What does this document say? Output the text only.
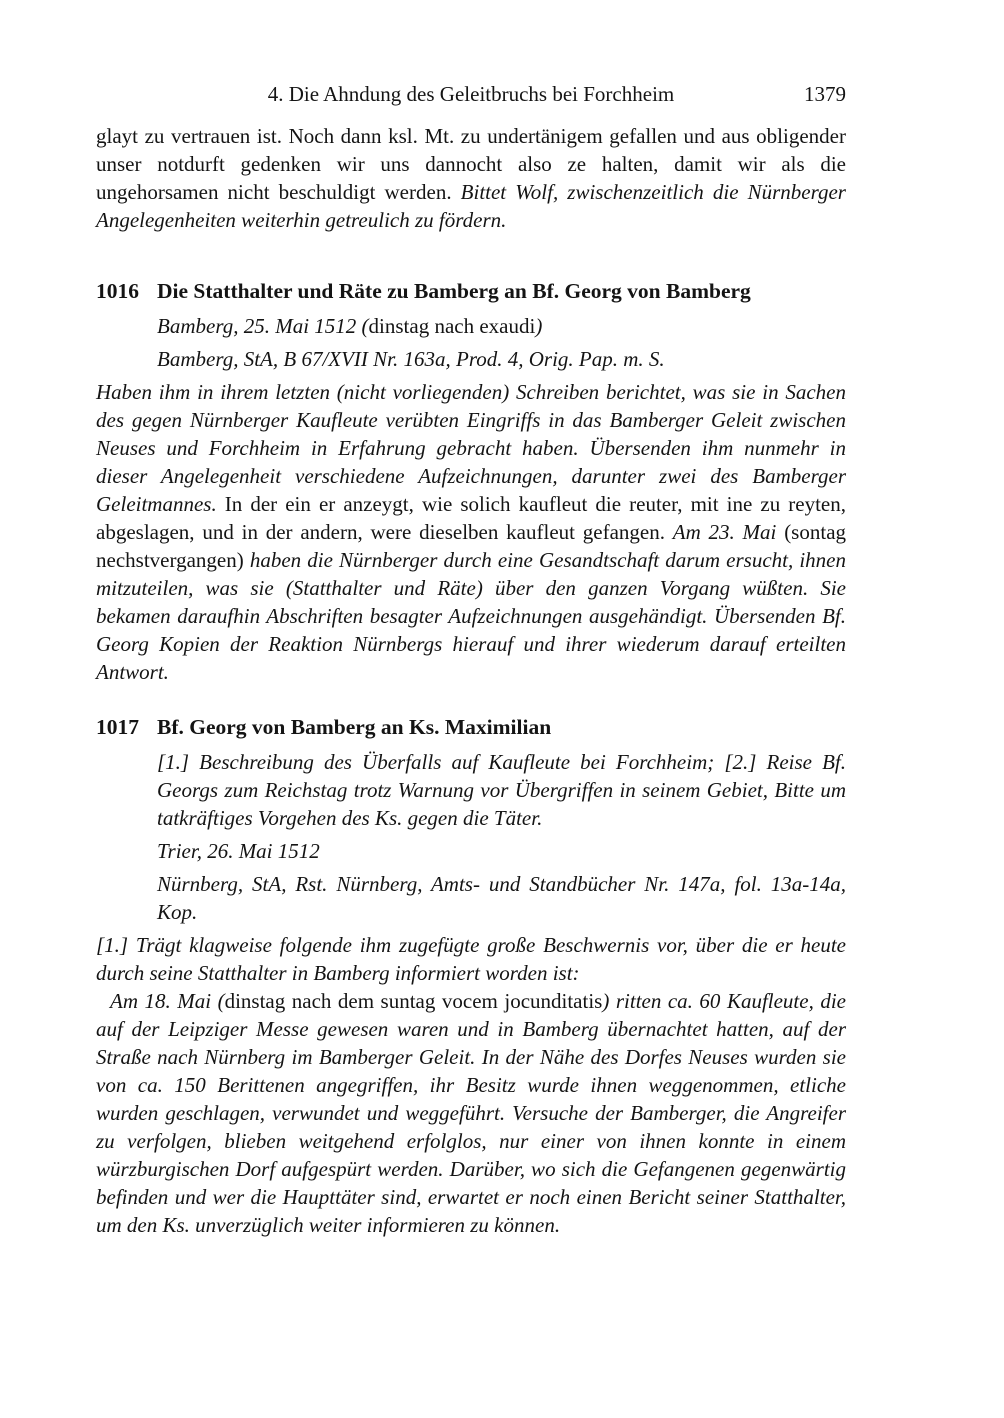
4. Die Ahndung des Geleitbruchs bei Forchheim	1379

glayt zu vertrauen ist. Noch dann ksl. Mt. zu undertänigem gefallen und aus obligender unser notdurft gedenken wir uns dannocht also ze halten, damit wir als die ungehorsamen nicht beschuldigt werden. Bittet Wolf, zwischenzeitlich die Nürnberger Angelegenheiten weiterhin getreulich zu fördern.

1016 Die Statthalter und Räte zu Bamberg an Bf. Georg von Bamberg

Bamberg, 25. Mai 1512 (dinstag nach exaudi)

Bamberg, StA, B 67/XVII Nr. 163a, Prod. 4, Orig. Pap. m. S.

Haben ihm in ihrem letzten (nicht vorliegenden) Schreiben berichtet, was sie in Sachen des gegen Nürnberger Kaufleute verübten Eingriffs in das Bamberger Geleit zwischen Neuses und Forchheim in Erfahrung gebracht haben. Übersenden ihm nunmehr in dieser Angelegenheit verschiedene Aufzeichnungen, darunter zwei des Bamberger Geleitmannes. In der ein er anzeygt, wie solich kaufleut die reuter, mit ine zu reyten, abgeslagen, und in der andern, were dieselben kaufleut gefangen. Am 23. Mai (sontag nechstvergangen) haben die Nürnberger durch eine Gesandtschaft darum ersucht, ihnen mitzuteilen, was sie (Statthalter und Räte) über den ganzen Vorgang wüßten. Sie bekamen daraufhin Abschriften besagter Aufzeichnungen ausgehändigt. Übersenden Bf. Georg Kopien der Reaktion Nürnbergs hierauf und ihrer wiederum darauf erteilten Antwort.

1017 Bf. Georg von Bamberg an Ks. Maximilian

[1.] Beschreibung des Überfalls auf Kaufleute bei Forchheim; [2.] Reise Bf. Georgs zum Reichstag trotz Warnung vor Übergriffen in seinem Gebiet, Bitte um tatkräftiges Vorgehen des Ks. gegen die Täter.

Trier, 26. Mai 1512

Nürnberg, StA, Rst. Nürnberg, Amts- und Standbücher Nr. 147a, fol. 13a-14a, Kop.

[1.] Trägt klagweise folgende ihm zugefügte große Beschwernis vor, über die er heute durch seine Statthalter in Bamberg informiert worden ist:

Am 18. Mai (dinstag nach dem suntag vocem jocunditatis) ritten ca. 60 Kaufleute, die auf der Leipziger Messe gewesen waren und in Bamberg übernachtet hatten, auf der Straße nach Nürnberg im Bamberger Geleit. In der Nähe des Dorfes Neuses wurden sie von ca. 150 Berittenen angegriffen, ihr Besitz wurde ihnen weggenommen, etliche wurden geschlagen, verwundet und weggeführt. Versuche der Bamberger, die Angreifer zu verfolgen, blieben weitgehend erfolglos, nur einer von ihnen konnte in einem würzburgischen Dorf aufgespürt werden. Darüber, wo sich die Gefangenen gegenwärtig befinden und wer die Haupttäter sind, erwartet er noch einen Bericht seiner Statthalter, um den Ks. unverzüglich weiter informieren zu können.
